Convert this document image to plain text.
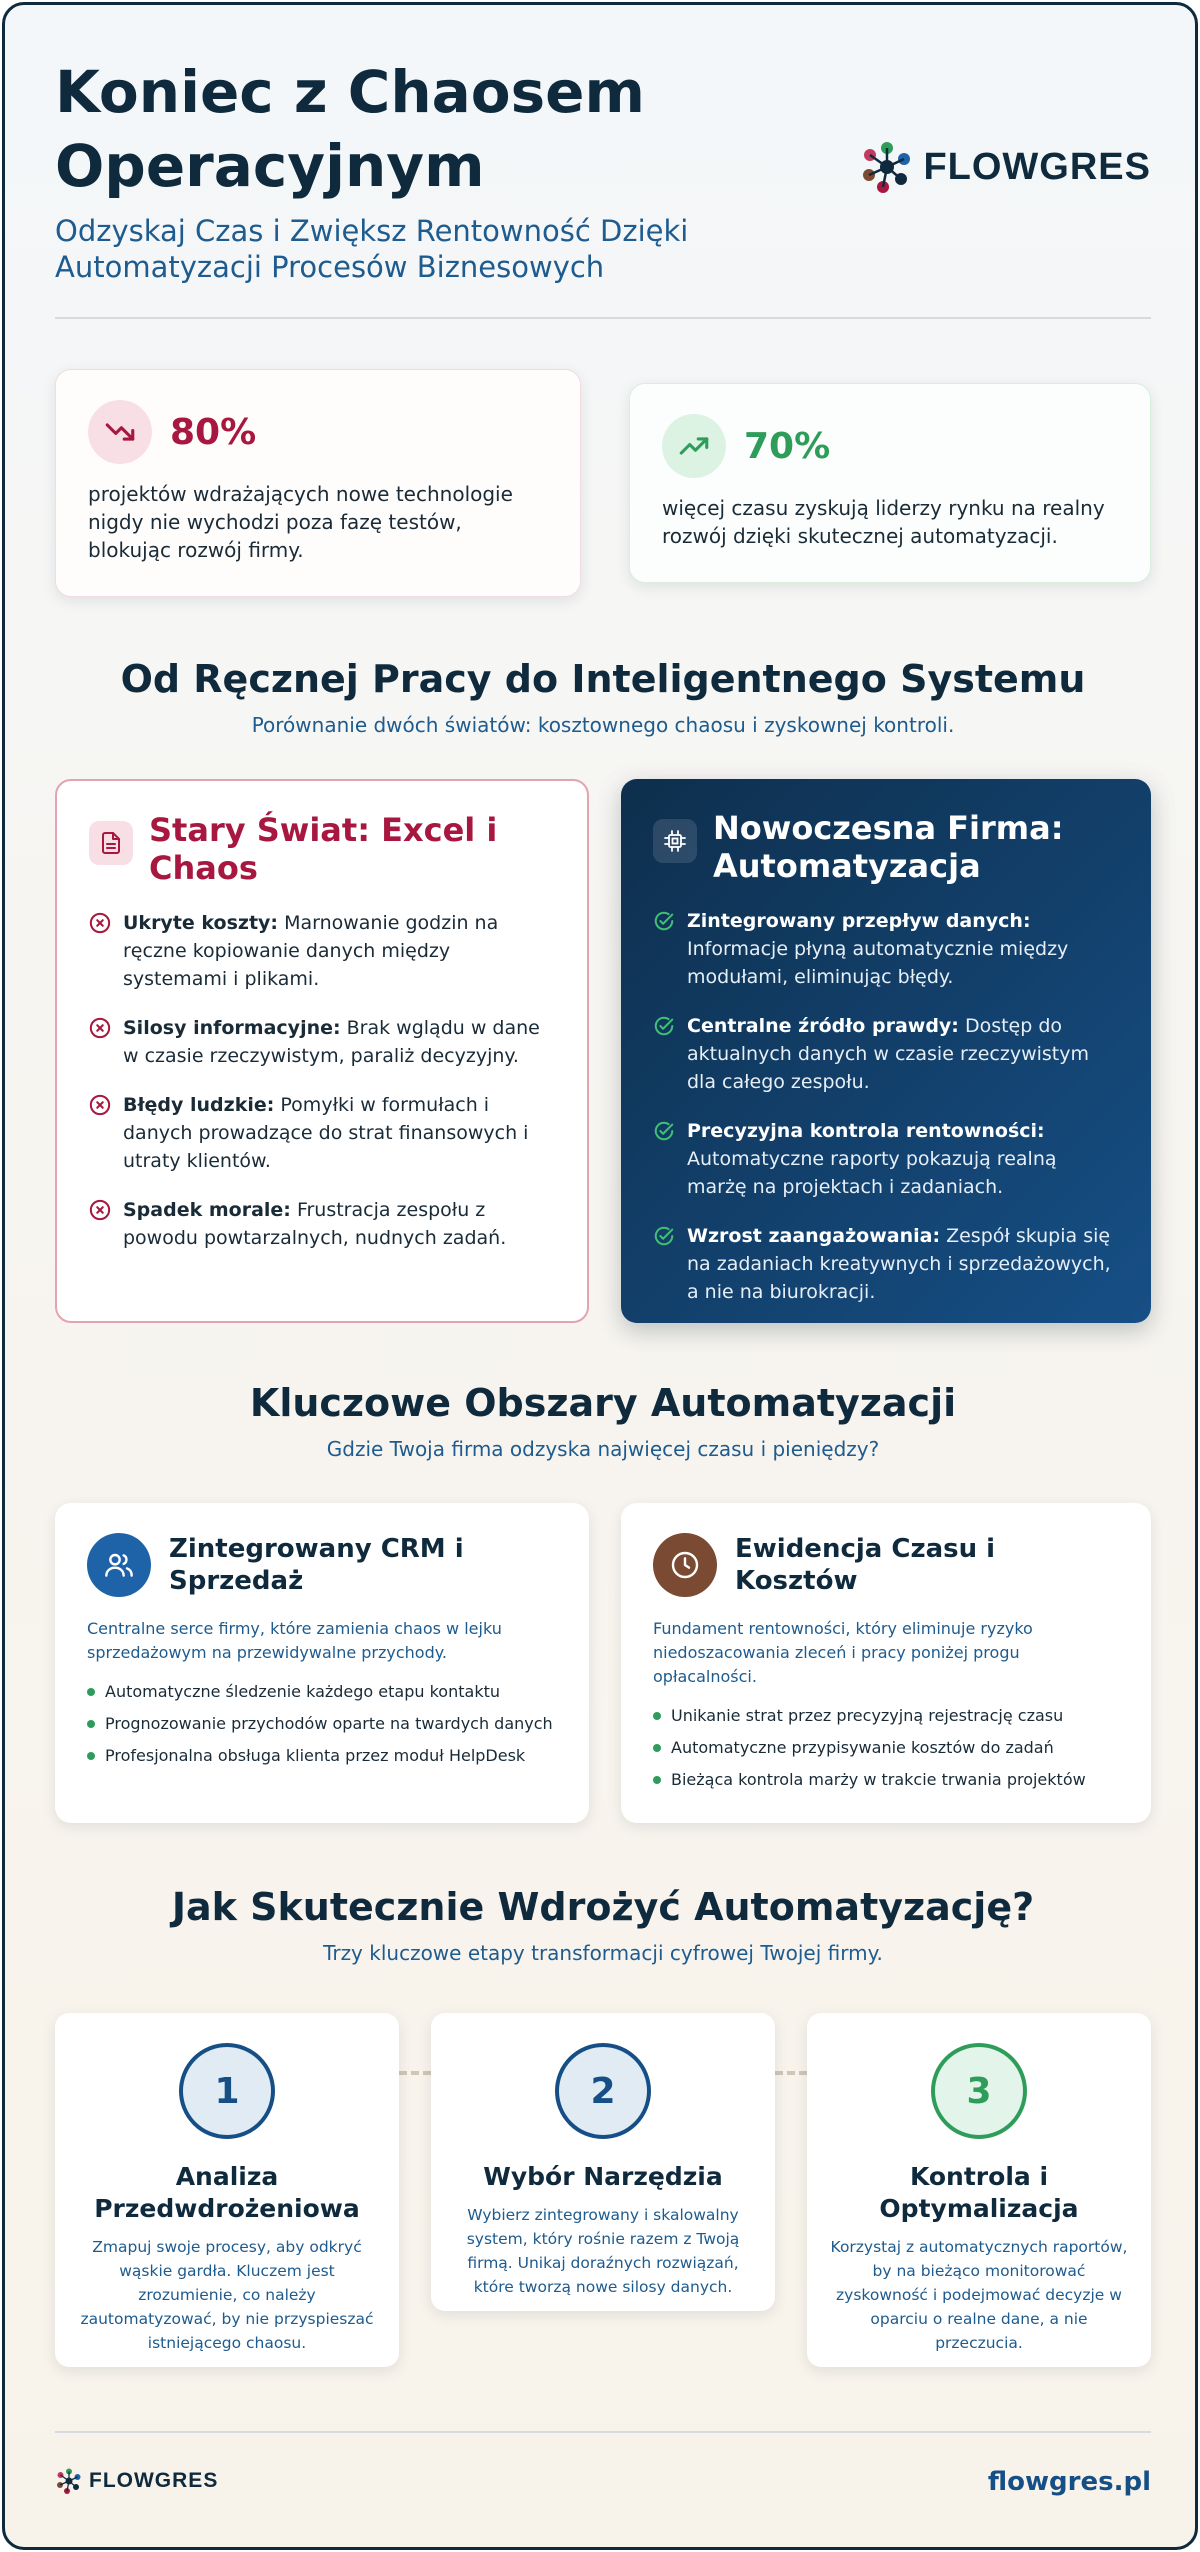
Koniec z Chaosem Operacyjnym

Odzyskaj Czas i Zwiększ Rentowność Dzięki Automatyzacji Procesów Biznesowych

FLOWGRES
80%

projektów wdrażających nowe technologie nigdy nie wychodzi poza fazę testów, blokując rozwój firmy.

70%

więcej czasu zyskują liderzy rynku na realny rozwój dzięki skutecznej automatyzacji.

Od Ręcznej Pracy do Inteligentnego Systemu

Porównanie dwóch światów: kosztownego chaosu i zyskownej kontroli.

Stary Świat: Excel i Chaos
Ukryte koszty: Marnowanie godzin na ręczne kopiowanie danych między systemami i plikami.
Silosy informacyjne: Brak wglądu w dane w czasie rzeczywistym, paraliż decyzyjny.
Błędy ludzkie: Pomyłki w formułach i danych prowadzące do strat finansowych i utraty klientów.
Spadek morale: Frustracja zespołu z powodu powtarzalnych, nudnych zadań.
Nowoczesna Firma: Automatyzacja
Zintegrowany przepływ danych: Informacje płyną automatycznie między modułami, eliminując błędy.
Centralne źródło prawdy: Dostęp do aktualnych danych w czasie rzeczywistym dla całego zespołu.
Precyzyjna kontrola rentowności: Automatyczne raporty pokazują realną marżę na projektach i zadaniach.
Wzrost zaangażowania: Zespół skupia się na zadaniach kreatywnych i sprzedażowych, a nie na biurokracji.
Kluczowe Obszary Automatyzacji

Gdzie Twoja firma odzyska najwięcej czasu i pieniędzy?

Zintegrowany CRM i Sprzedaż

Centralne serce firmy, które zamienia chaos w lejku sprzedażowym na przewidywalne przychody.

Automatyczne śledzenie każdego etapu kontaktu
Prognozowanie przychodów oparte na twardych danych
Profesjonalna obsługa klienta przez moduł HelpDesk
Ewidencja Czasu i Kosztów

Fundament rentowności, który eliminuje ryzyko niedoszacowania zleceń i pracy poniżej progu opłacalności.

Unikanie strat przez precyzyjną rejestrację czasu
Automatyczne przypisywanie kosztów do zadań
Bieżąca kontrola marży w trakcie trwania projektów
Jak Skutecznie Wdrożyć Automatyzację?

Trzy kluczowe etapy transformacji cyfrowej Twojej firmy.

1
Analiza Przedwdrożeniowa

Zmapuj swoje procesy, aby odkryć wąskie gardła. Kluczem jest zrozumienie, co należy zautomatyzować, by nie przyspieszać istniejącego chaosu.

2
Wybór Narzędzia

Wybierz zintegrowany i skalowalny system, który rośnie razem z Twoją firmą. Unikaj doraźnych rozwiązań, które tworzą nowe silosy danych.

3
Kontrola i Optymalizacja

Korzystaj z automatycznych raportów, by na bieżąco monitorować zyskowność i podejmować decyzje w oparciu o realne dane, a nie przeczucia.

FLOWGRES	flowgres.pl
